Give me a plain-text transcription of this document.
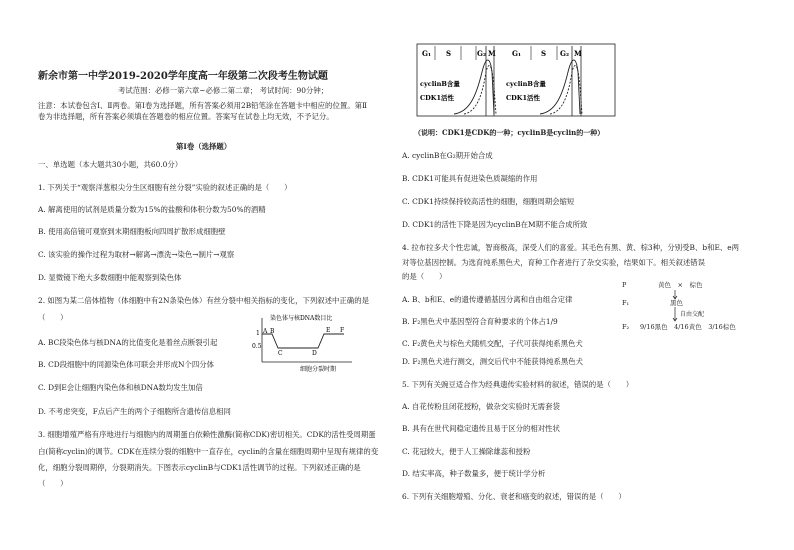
新余市第一中学2019-2020学年度高一年级第二次段考生物试题
考试范围：必修一第六章~必修二第二章； 考试时间：90分钟；
注意：本试卷包含Ⅰ、Ⅱ两卷。第Ⅰ卷为选择题，所有答案必须用2B铅笔涂在答题卡中相应的位置。第Ⅱ
卷为非选择题，所有答案必须填在答题卷的相应位置。答案写在试卷上均无效，不予记分。
第Ⅰ卷（选择题）
一、单选题（本大题共30小题，共60.0分）
1. 下列关于“观察洋葱根尖分生区细胞有丝分裂”实验的叙述正确的是（　　）
A. 解离使用的试剂是质量分数为15%的盐酸和体积分数为50%的酒精
B. 使用高倍镜可观察到末期细胞板向四周扩散形成细胞壁
C. 该实验的操作过程为取材→解离→漂洗→染色→制片→观察
D. 显微镜下绝大多数细胞中能观察到染色体
2. 如图为某二倍体植物（体细胞中有2N条染色体）有丝分裂中相关指标的变化，下列叙述中正确的是
（　　）
A. BC段染色体与核DNA的比值变化是着丝点断裂引起
B. CD段细胞中的同源染色体可联会并形成N个四分体
C. D到E会让细胞内染色体和核DNA数均发生加倍
D. 不考虑突变，F点后产生的两个子细胞所含遗传信息相同
染色体与核DNA数目比
1
0.5
A B
C	D
E F
细胞分裂时期
3. 细胞增殖严格有序地进行与细胞内的周期蛋白依赖性激酶(简称CDK)密切相关。CDK的活性受周期蛋
白(简称cyclin)的调节。CDK在连续分裂的细胞中一直存在，cyclin的含量在细胞周期中呈现有规律的变
化，细胞分裂周期停，分裂期消失。下图表示cyclinB与CDK1活性调节的过程。下列叙述正确的是
（　　）
G₁ S	G₂ M G₁	S G₂ M
cyclinB含量
CDK1活性
cyclinB含量
CDK1活性
（说明：CDK1是CDK的一种；cyclinB是cyclin的一种）
A. cyclinB在G₂期开始合成
B. CDK1可能具有促进染色质凝缩的作用
C. CDK1持续保持较高活性的细胞，细胞周期会缩短
D. CDK1的活性下降是因为cyclinB在M期不能合成所致
4. 拉布拉多犬个性忠诚，智商极高，深受人们的喜爱。其毛色有黑、黄、棕3种，分别受B、b和E、e两
对等位基因控制。为选育纯系黑色犬，育种工作者进行了杂交实验，结果如下。相关叙述错误
的是（　　）
P	黄色　×　棕色
F₁	黑色
自由交配
F₂ 9/16黑色　4/16黄色　3/16棕色
A. B、b和E、e的遗传遵循基因分离和自由组合定律
B. F₂黑色犬中基因型符合育种要求的个体占1/9
C. F₂黄色犬与棕色犬随机交配，子代可获得纯系黑色犬
D. F₂黑色犬进行测交，测交后代中不能获得纯系黑色犬
5. 下列有关豌豆适合作为经典遗传实验材料的叙述，错误的是（　　）
A. 自花传粉且闭花授粉，做杂交实验时无需套袋
B. 具有在世代间稳定遗传且易于区分的相对性状
C. 花冠较大，便于人工操除雄蕊和授粉
D. 结实率高，种子数量多，便于统计学分析
6. 下列有关细胞增殖、分化、衰老和癌变的叙述，错误的是（　　）
